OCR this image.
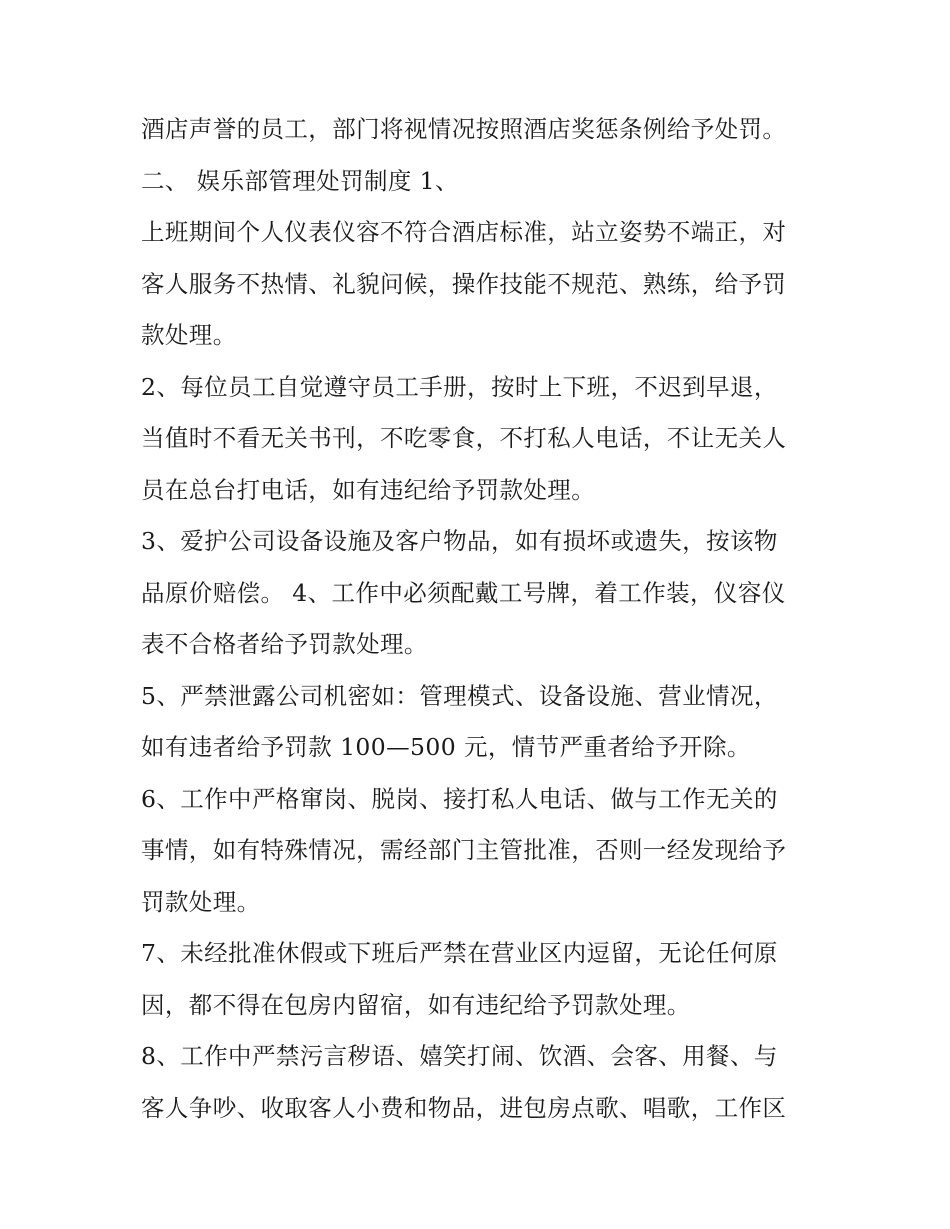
酒店声誉的员工，部门将视情况按照酒店奖惩条例给予处罚。
二、 娱乐部管理处罚制度 1、
上班期间个人仪表仪容不符合酒店标准，站立姿势不端正，对
客人服务不热情、礼貌问候，操作技能不规范、熟练，给予罚
款处理。
2、每位员工自觉遵守员工手册，按时上下班，不迟到早退，
当值时不看无关书刊，不吃零食，不打私人电话，不让无关人
员在总台打电话，如有违纪给予罚款处理。
3、爱护公司设备设施及客户物品，如有损坏或遗失，按该物
品原价赔偿。 4、工作中必须配戴工号牌，着工作装，仪容仪
表不合格者给予罚款处理。
5、严禁泄露公司机密如：管理模式、设备设施、营业情况，
如有违者给予罚款 100—500 元，情节严重者给予开除。
6、工作中严格窜岗、脱岗、接打私人电话、做与工作无关的
事情，如有特殊情况，需经部门主管批准，否则一经发现给予
罚款处理。
7、未经批准休假或下班后严禁在营业区内逗留，无论任何原
因，都不得在包房内留宿，如有违纪给予罚款处理。
8、工作中严禁污言秽语、嬉笑打闹、饮酒、会客、用餐、与
客人争吵、收取客人小费和物品，进包房点歌、唱歌，工作区
